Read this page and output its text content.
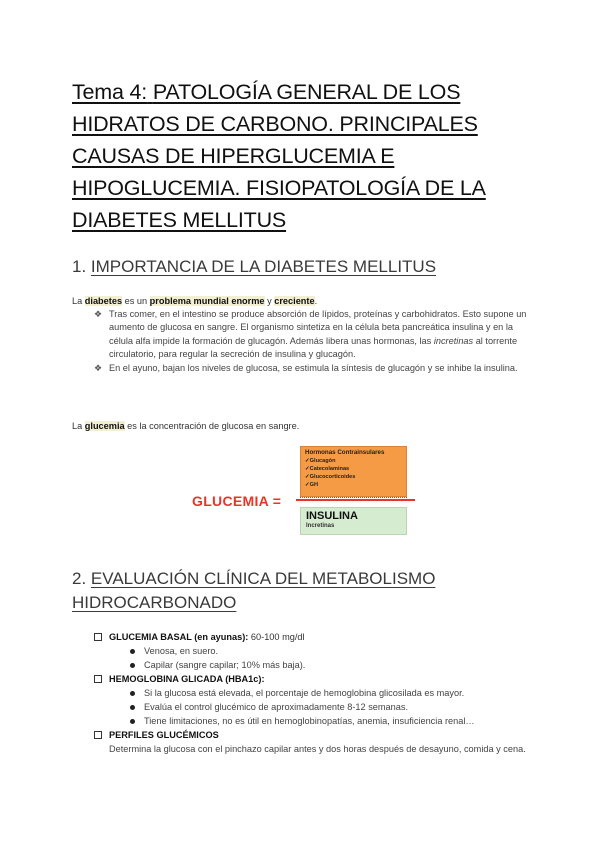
Tema 4: PATOLOGÍA GENERAL DE LOS HIDRATOS DE CARBONO. PRINCIPALES CAUSAS DE HIPERGLUCEMIA E HIPOGLUCEMIA. FISIOPATOLOGÍA DE LA DIABETES MELLITUS
1. IMPORTANCIA DE LA DIABETES MELLITUS
La diabetes es un problema mundial enorme y creciente.
❖ Tras comer, en el intestino se produce absorción de lípidos, proteínas y carbohidratos. Esto supone un aumento de glucosa en sangre. El organismo sintetiza en la célula beta pancreática insulina y en la célula alfa impide la formación de glucagón. Además libera unas hormonas, las incretinas al torrente circulatorio, para regular la secreción de insulina y glucagón.
❖ En el ayuno, bajan los niveles de glucosa, se estimula la síntesis de glucagón y se inhibe la insulina.
La glucemia es la concentración de glucosa en sangre.
GLUCEMIA =
Hormonas Contrainsulares
✓Glucagón
✓Catecolaminas
✓Glucocorticoides
✓GH
INSULINA
Incretinas
2. EVALUACIÓN CLÍNICA DEL METABOLISMO HIDROCARBONADO
GLUCEMIA BASAL (en ayunas): 60-100 mg/dl
Venosa, en suero.
Capilar (sangre capilar; 10% más baja).
HEMOGLOBINA GLICADA (HBA1c):
Si la glucosa está elevada, el porcentaje de hemoglobina glicosilada es mayor.
Evalúa el control glucémico de aproximadamente 8-12 semanas.
Tiene limitaciones, no es útil en hemoglobinopatías, anemia, insuficiencia renal…
PERFILES GLUCÉMICOS
Determina la glucosa con el pinchazo capilar antes y dos horas después de desayuno, comida y cena.
